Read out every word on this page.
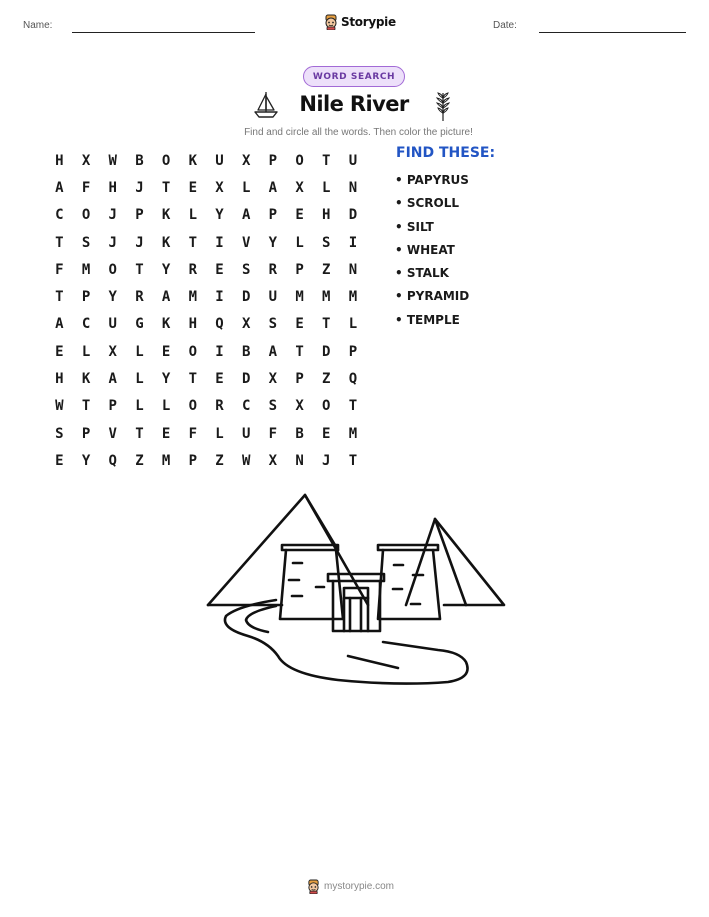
Name:	Storypie	Date:
WORD SEARCH
Nile River
Find and circle all the words. Then color the picture!
H	X	W	B	O	K	U	X	P	O	T	U
A	F	H	J	T	E	X	L	A	X	L	N
C	O	J	P	K	L	Y	A	P	E	H	D
T	S	J	J	K	T	I	V	Y	L	S	I
F	M	O	T	Y	R	E	S	R	P	Z	N
T	P	Y	R	A	M	I	D	U	M	M	M
A	C	U	G	K	H	Q	X	S	E	T	L
E	L	X	L	E	O	I	B	A	T	D	P
H	K	A	L	Y	T	E	D	X	P	Z	Q
W	T	P	L	L	O	R	C	S	X	O	T
S	P	V	T	E	F	L	U	F	B	E	M
E	Y	Q	Z	M	P	Z	W	X	N	J	T
FIND THESE:
• PAPYRUS
• SCROLL
• SILT
• WHEAT
• STALK
• PYRAMID
• TEMPLE
mystorypie.com
